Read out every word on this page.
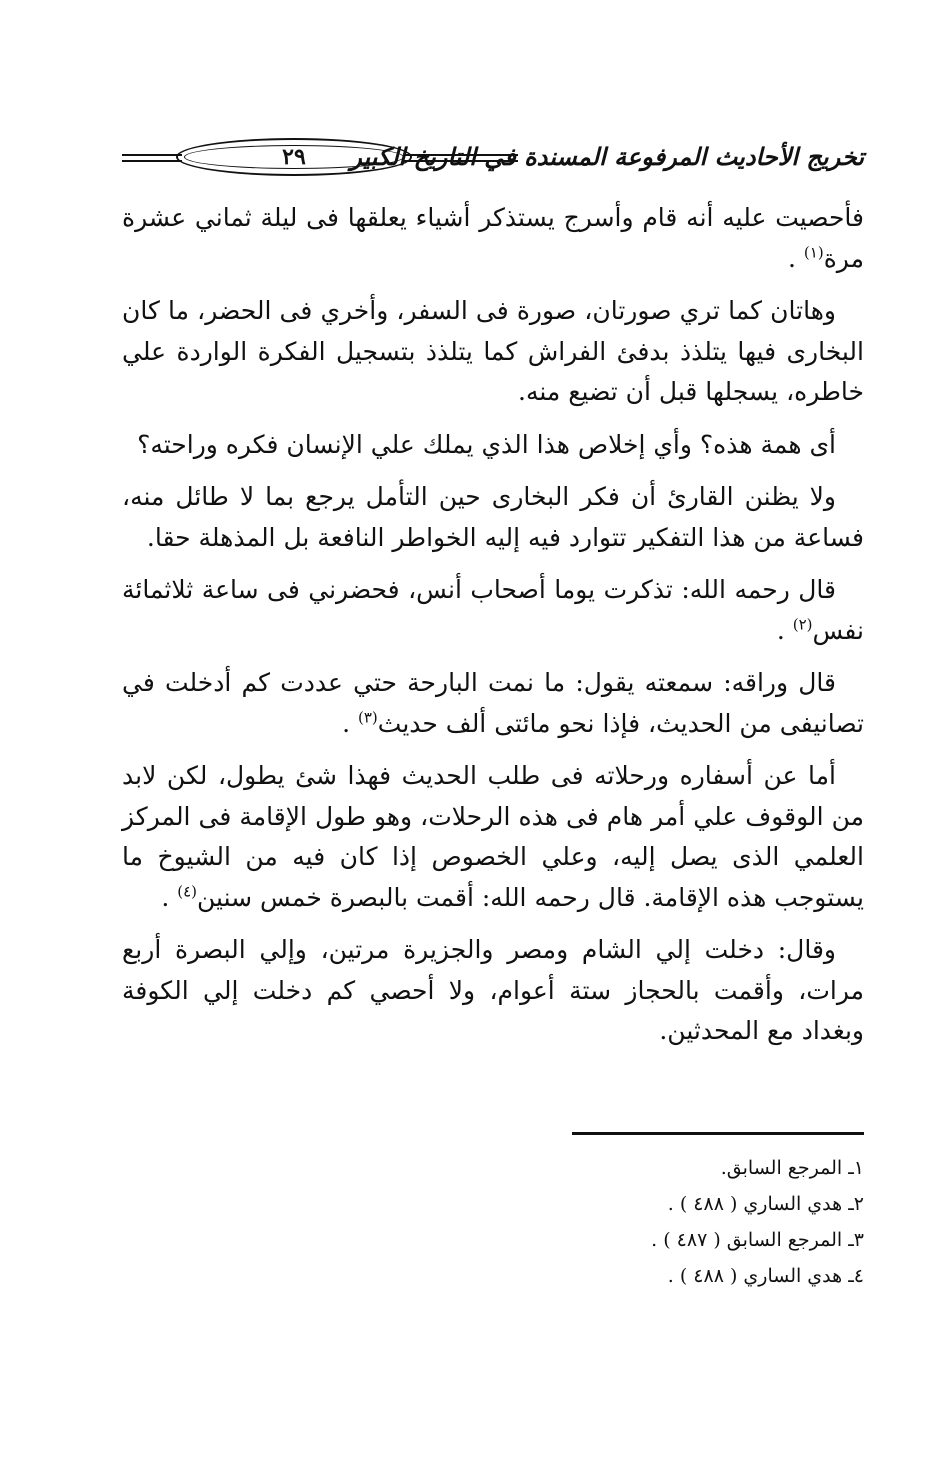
٢٩ تخريج الأحاديث المرفوعة المسندة في التاريخ الكبير

فأحصيت عليه أنه قام وأسرج يستذكر أشياء يعلقها فى ليلة ثماني عشرة مرة$^{(١)}$ .

وهاتان كما تري صورتان، صورة فى السفر، وأخري فى الحضر، ما كان البخارى فيها يتلذذ بدفئ الفراش كما يتلذذ بتسجيل الفكرة الواردة علي خاطره، يسجلها قبل أن تضيع منه.

أى همة هذه؟ وأي إخلاص هذا الذي يملك علي الإنسان فكره وراحته؟

ولا يظنن القارئ أن فكر البخارى حين التأمل يرجع بما لا طائل منه، فساعة من هذا التفكير تتوارد فيه إليه الخواطر النافعة بل المذهلة حقا.

قال رحمه الله: تذكرت يوما أصحاب أنس، فحضرني فى ساعة ثلاثمائة نفس$^{(٢)}$ .

قال وراقه: سمعته يقول: ما نمت البارحة حتي عددت كم أدخلت في تصانيفى من الحديث، فإذا نحو مائتى ألف حديث$^{(٣)}$ .

أما عن أسفاره ورحلاته فى طلب الحديث فهذا شئ يطول، لكن لابد من الوقوف علي أمر هام فى هذه الرحلات، وهو طول الإقامة فى المركز العلمي الذى يصل إليه، وعلي الخصوص إذا كان فيه من الشيوخ ما يستوجب هذه الإقامة. قال رحمه الله: أقمت بالبصرة خمس سنين$^{(٤)}$ .

وقال: دخلت إلي الشام ومصر والجزيرة مرتين، وإلي البصرة أربع مرات، وأقمت بالحجاز ستة أعوام، ولا أحصي كم دخلت إلي الكوفة وبغداد مع المحدثين.

١ـ المرجع السابق.
٢ـ هدي الساري ( ٤٨٨ ) .
٣ـ المرجع السابق ( ٤٨٧ ) .
٤ـ هدي الساري ( ٤٨٨ ) .
